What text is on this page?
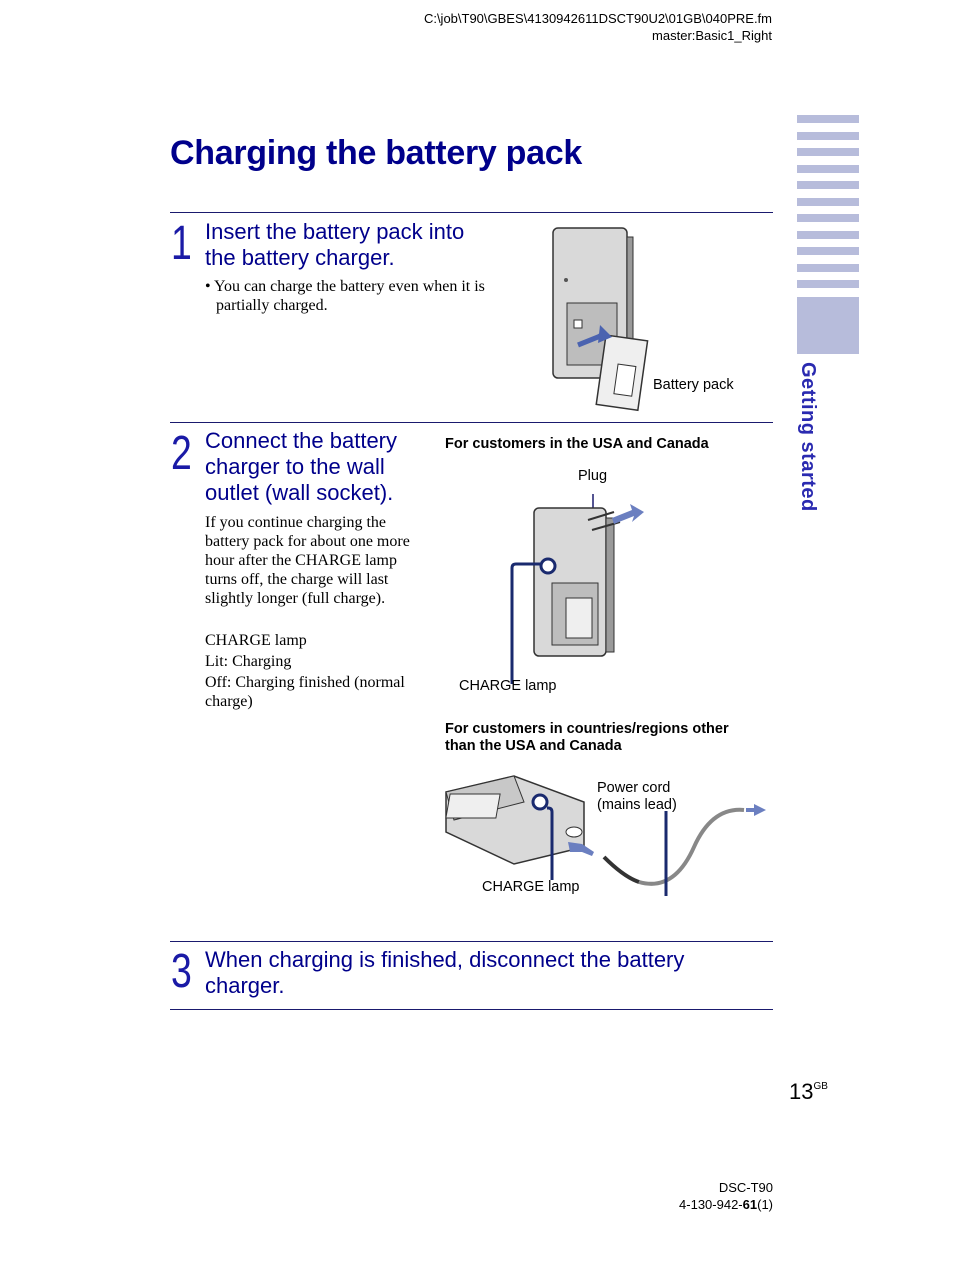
C:\job\T90\GBES\4130942611DSCT90U2\01GB\040PRE.fm
master:Basic1_Right
Charging the battery pack
Getting started
1 Insert the battery pack into the battery charger.
• You can charge the battery even when it is partially charged.
Battery pack
2 Connect the battery charger to the wall outlet (wall socket).
If you continue charging the battery pack for about one more hour after the CHARGE lamp turns off, the charge will last slightly longer (full charge).
CHARGE lamp
Lit: Charging
Off: Charging finished (normal charge)
For customers in the USA and Canada
Plug
CHARGE lamp
For customers in countries/regions other than the USA and Canada
Power cord (mains lead)
CHARGE lamp
3 When charging is finished, disconnect the battery charger.
$13^{GB}$
DSC-T90
4-130-942-61(1)
